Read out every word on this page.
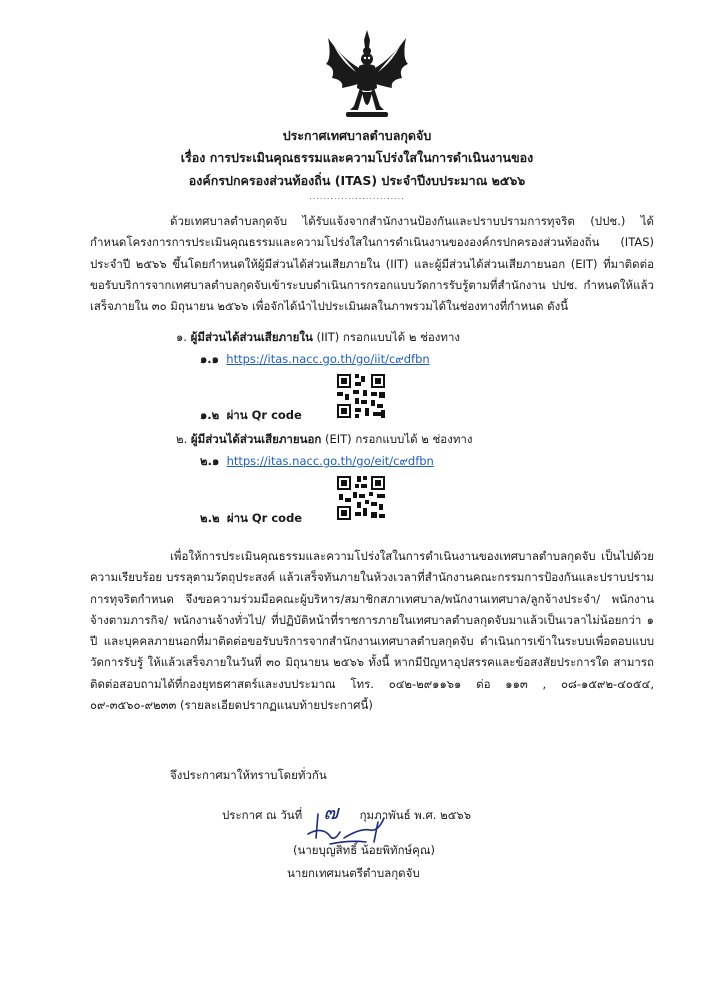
ประกาศเทศบาลตำบลกุดจับ
เรื่อง การประเมินคุณธรรมและความโปร่งใสในการดำเนินงานของ
องค์กรปกครองส่วนท้องถิ่น (ITAS) ประจำปีงบประมาณ ๒๕๖๖
...........................
ด้วยเทศบาลตำบลกุดจับ ได้รับแจ้งจากสำนักงานป้องกันและปราบปรามการทุจริต (ปปช.) ได้กำหนดโครงการการประเมินคุณธรรมและความโปร่งใสในการดำเนินงานขององค์กรปกครองส่วนท้องถิ่น (ITAS) ประจำปี ๒๕๖๖ ขึ้นโดยกำหนดให้ผู้มีส่วนได้ส่วนเสียภายใน (IIT) และผู้มีส่วนได้ส่วนเสียภายนอก (EIT) ที่มาติดต่อขอรับบริการจากเทศบาลตำบลกุดจับเข้าระบบดำเนินการกรอกแบบวัดการรับรู้ตามที่สำนักงาน ปปช. กำหนดให้แล้วเสร็จภายใน ๓๐ มิถุนายน ๒๕๖๖ เพื่อจักได้นำไปประเมินผลในภาพรวมได้ในช่องทางที่กำหนด ดังนี้
๑. ผู้มีส่วนได้ส่วนเสียภายใน (IIT) กรอกแบบได้ ๒ ช่องทาง
๑.๑ https://itas.nacc.go.th/go/iit/c๙dfbn
๑.๒ ผ่าน Qr code
๒. ผู้มีส่วนได้ส่วนเสียภายนอก (EIT) กรอกแบบได้ ๒ ช่องทาง
๒.๑ https://itas.nacc.go.th/go/eit/c๙dfbn
๒.๒ ผ่าน Qr code
เพื่อให้การประเมินคุณธรรมและความโปร่งใสในการดำเนินงานของเทศบาลตำบลกุดจับ เป็นไปด้วยความเรียบร้อย บรรลุตามวัตถุประสงค์ แล้วเสร็จทันภายในห้วงเวลาที่สำนักงานคณะกรรมการป้องกันและปราบปรามการทุจริตกำหนด จึงขอความร่วมมือคณะผู้บริหาร/สมาชิกสภาเทศบาล/พนักงานเทศบาล/ลูกจ้างประจำ/ พนักงานจ้างตามภารกิจ/ พนักงานจ้างทั่วไป/ ที่ปฏิบัติหน้าที่ราชการภายในเทศบาลตำบลกุดจับมาแล้วเป็นเวลาไม่น้อยกว่า ๑ ปี และบุคคลภายนอกที่มาติดต่อขอรับบริการจากสำนักงานเทศบาลตำบลกุดจับ ดำเนินการเข้าในระบบเพื่อตอบแบบวัดการรับรู้ ให้แล้วเสร็จภายในวันที่ ๓๐ มิถุนายน ๒๕๖๖ ทั้งนี้ หากมีปัญหาอุปสรรคและข้อสงสัยประการใด สามารถติดต่อสอบถามได้ที่กองยุทธศาสตร์และงบประมาณ โทร. ๐๔๒-๒๙๑๑๖๑ ต่อ ๑๑๓ , ๐๘-๑๕๙๒-๔๐๕๔, ๐๙-๓๕๖๐-๙๒๓๓ (รายละเอียดปรากฏแนบท้ายประกาศนี้)
จึงประกาศมาให้ทราบโดยทั่วกัน
ประกาศ ณ วันที่ ๗ กุมภาพันธ์ พ.ศ. ๒๕๖๖
(นายบุญสิทธิ์ น้อยพิทักษ์คุณ)
นายกเทศมนตรีตำบลกุดจับ
